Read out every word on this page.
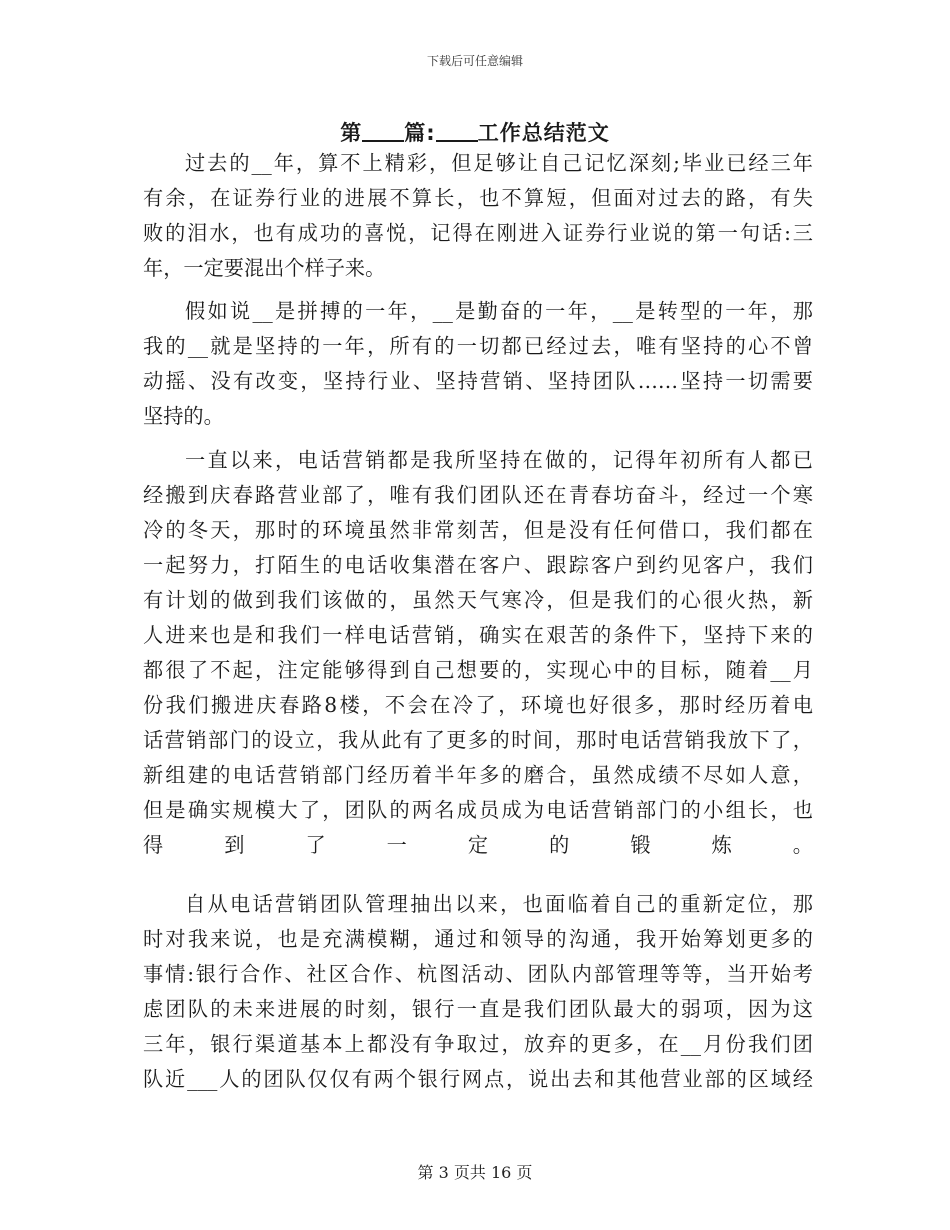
下载后可任意编辑
第 篇: 工作总结范文
过去的__年，算不上精彩，但足够让自己记忆深刻;毕业已经三年
有余，在证券行业的进展不算长，也不算短，但面对过去的路，有失
败的泪水，也有成功的喜悦，记得在刚进入证券行业说的第一句话:三
年，一定要混出个样子来。
假如说__是拼搏的一年，__是勤奋的一年，__是转型的一年，那
我的__就是坚持的一年，所有的一切都已经过去，唯有坚持的心不曾
动摇、没有改变，坚持行业、坚持营销、坚持团队……坚持一切需要
坚持的。
一直以来，电话营销都是我所坚持在做的，记得年初所有人都已
经搬到庆春路营业部了，唯有我们团队还在青春坊奋斗，经过一个寒
冷的冬天，那时的环境虽然非常刻苦，但是没有任何借口，我们都在
一起努力，打陌生的电话收集潜在客户、跟踪客户到约见客户，我们
有计划的做到我们该做的，虽然天气寒冷，但是我们的心很火热，新
人进来也是和我们一样电话营销，确实在艰苦的条件下，坚持下来的
都很了不起，注定能够得到自己想要的，实现心中的目标，随着__月
份我们搬进庆春路8楼，不会在冷了，环境也好很多，那时经历着电
话营销部门的设立，我从此有了更多的时间，那时电话营销我放下了，
新组建的电话营销部门经历着半年多的磨合，虽然成绩不尽如人意，
但是确实规模大了，团队的两名成员成为电话营销部门的小组长，也
得到了一定的锻炼。
自从电话营销团队管理抽出以来，也面临着自己的重新定位，那
时对我来说，也是充满模糊，通过和领导的沟通，我开始筹划更多的
事情:银行合作、社区合作、杭图活动、团队内部管理等等，当开始考
虑团队的未来进展的时刻，银行一直是我们团队最大的弱项，因为这
三年，银行渠道基本上都没有争取过，放弃的更多，在__月份我们团
队近___人的团队仅仅有两个银行网点，说出去和其他营业部的区域经
第 3 页共 16 页
